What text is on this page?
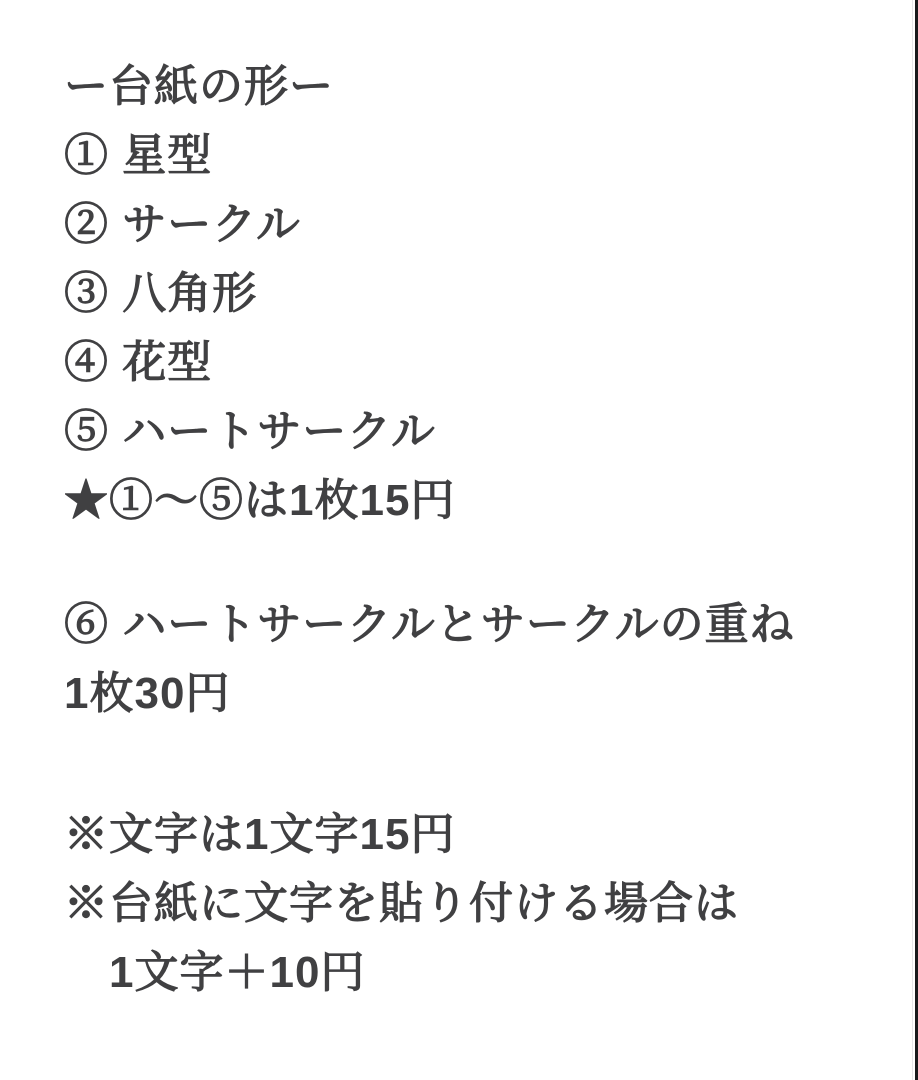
ー台紙の形ー
① 星型
② サークル
③ 八角形
④ 花型
⑤ ハートサークル
★①〜⑤は1枚15円
⑥ ハートサークルとサークルの重ね
1枚30円
※文字は1文字15円
※台紙に文字を貼り付ける場合は
　1文字＋10円
